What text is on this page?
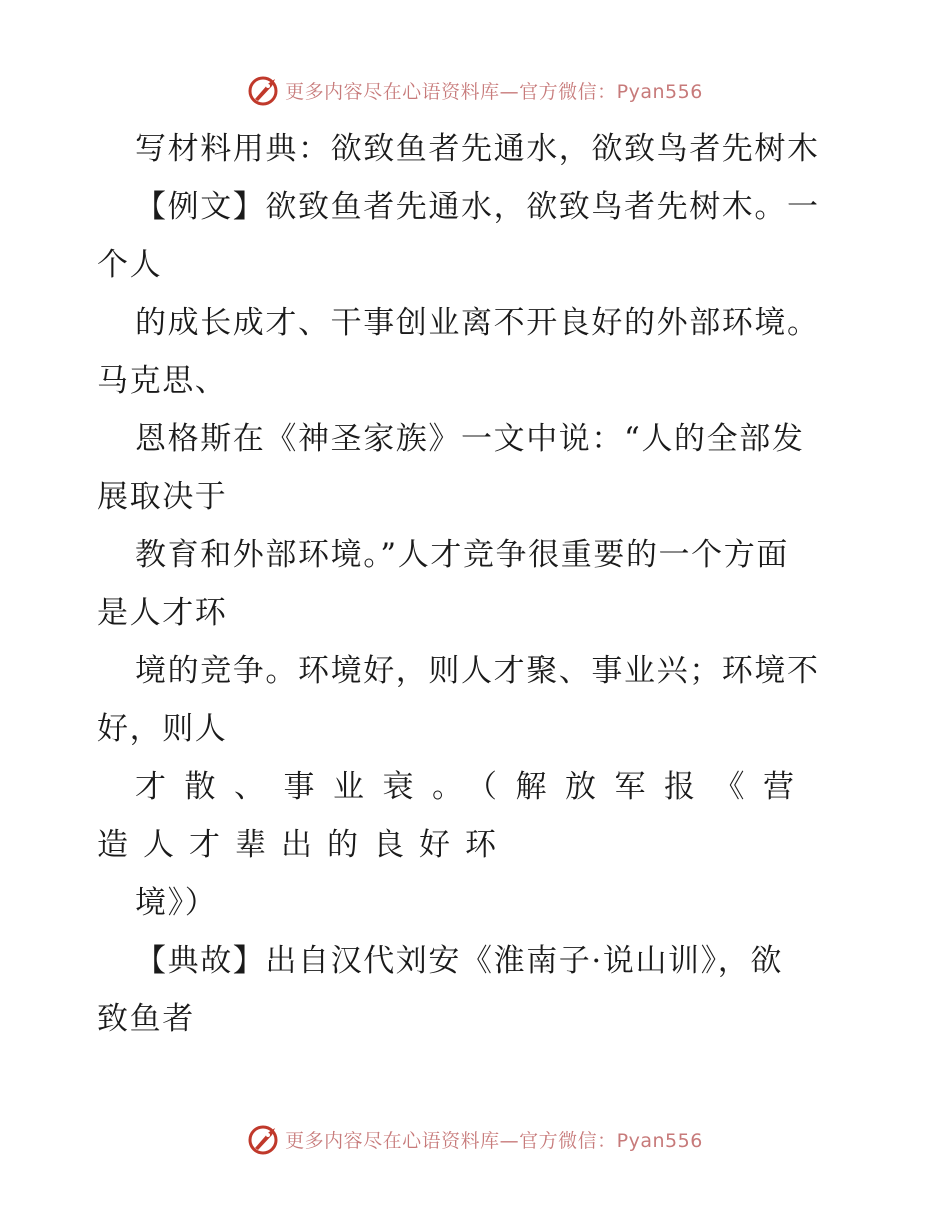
更多内容尽在心语资料库—官方微信：Pyan556
写材料用典：欲致鱼者先通水，欲致鸟者先树木
【例文】欲致鱼者先通水，欲致鸟者先树木。一
个人
的成长成才、干事创业离不开良好的外部环境。
马克思、
恩格斯在《神圣家族》一文中说：“人的全部发
展取决于
教育和外部环境。”人才竞争很重要的一个方面
是人才环
境的竞争。环境好，则人才聚、事业兴；环境不
好，则人
才散、事业衰。（解放军报《营
造人才辈出的良好环
境》）
【典故】出自汉代刘安《淮南子·说山训》，欲
致鱼者
更多内容尽在心语资料库—官方微信：Pyan556
